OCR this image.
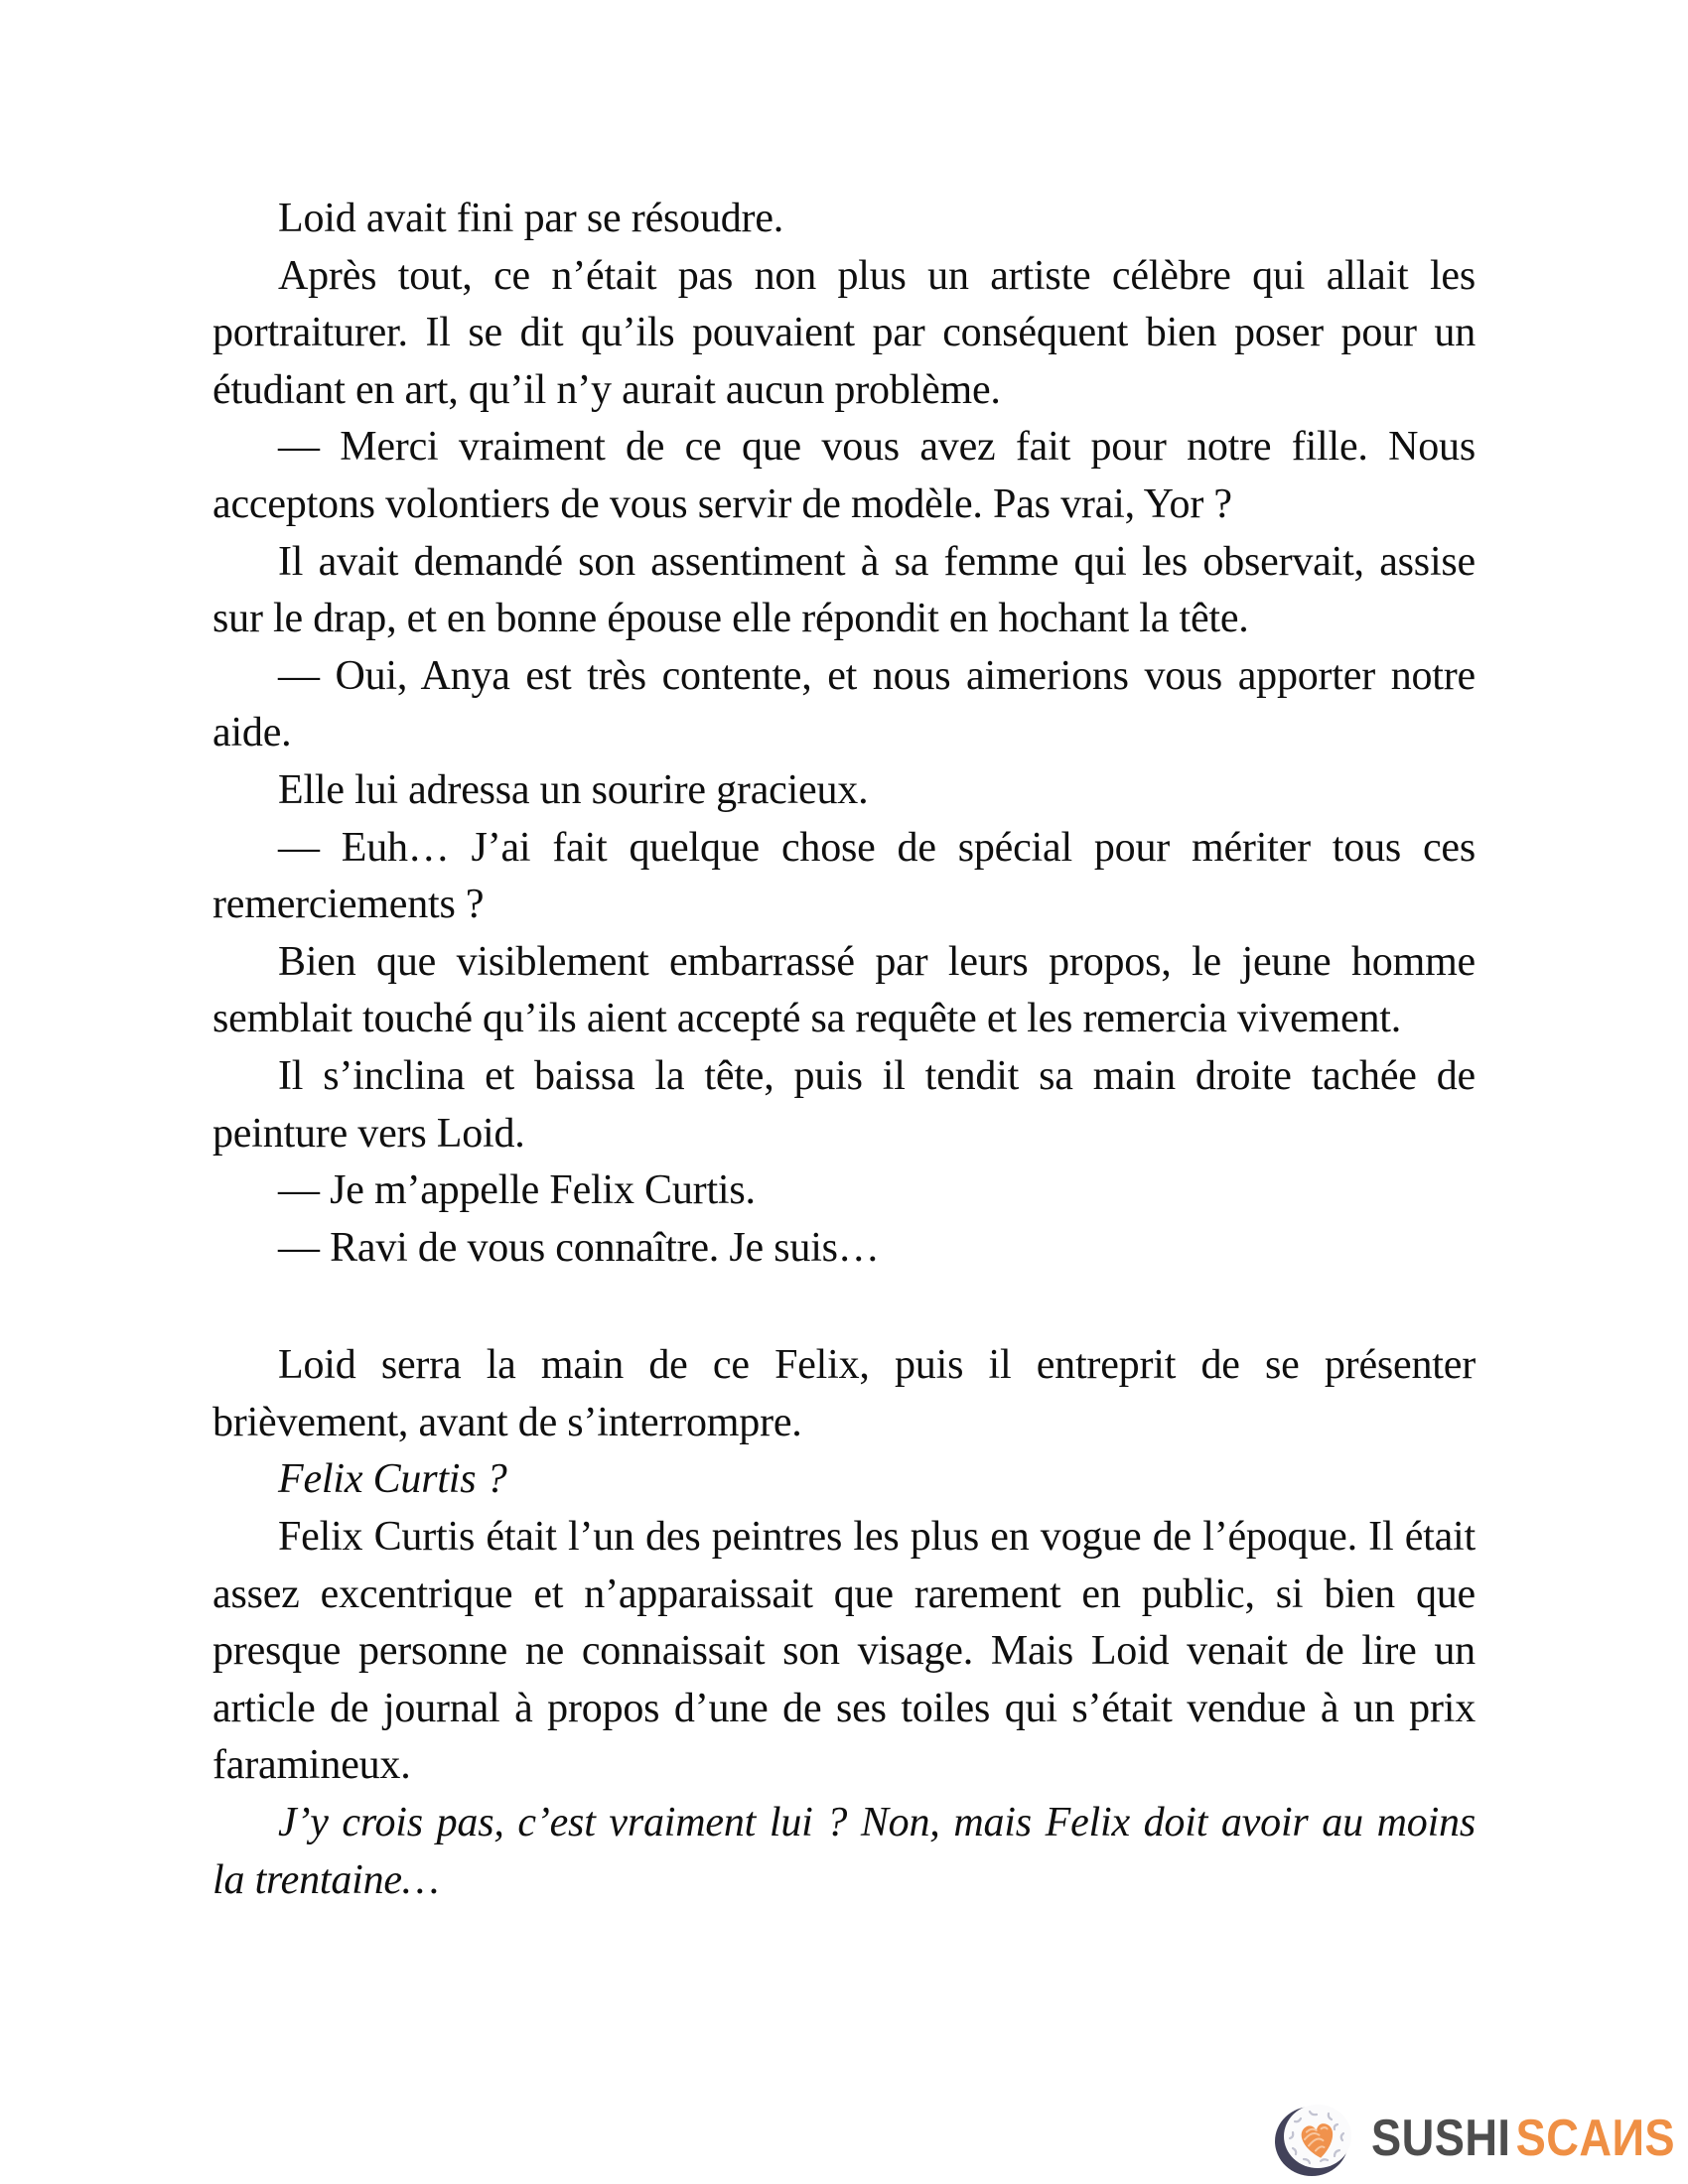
Loid avait fini par se résoudre.
Après tout, ce n’était pas non plus un artiste célèbre qui allait les
portraiturer. Il se dit qu’ils pouvaient par conséquent bien poser pour un
étudiant en art, qu’il n’y aurait aucun problème.
— Merci vraiment de ce que vous avez fait pour notre fille. Nous
acceptons volontiers de vous servir de modèle. Pas vrai, Yor ?
Il avait demandé son assentiment à sa femme qui les observait, assise
sur le drap, et en bonne épouse elle répondit en hochant la tête.
— Oui, Anya est très contente, et nous aimerions vous apporter notre
aide.
Elle lui adressa un sourire gracieux.
— Euh… J’ai fait quelque chose de spécial pour mériter tous ces
remerciements ?
Bien que visiblement embarrassé par leurs propos, le jeune homme
semblait touché qu’ils aient accepté sa requête et les remercia vivement.
Il s’inclina et baissa la tête, puis il tendit sa main droite tachée de
peinture vers Loid.
— Je m’appelle Felix Curtis.
— Ravi de vous connaître. Je suis…
Loid serra la main de ce Felix, puis il entreprit de se présenter
brièvement, avant de s’interrompre.
Felix Curtis ?
Felix Curtis était l’un des peintres les plus en vogue de l’époque. Il était
assez excentrique et n’apparaissait que rarement en public, si bien que
presque personne ne connaissait son visage. Mais Loid venait de lire un
article de journal à propos d’une de ses toiles qui s’était vendue à un prix
faramineux.
J’y crois pas, c’est vraiment lui ? Non, mais Felix doit avoir au moins
la trentaine…
SUSHI SCAИS
